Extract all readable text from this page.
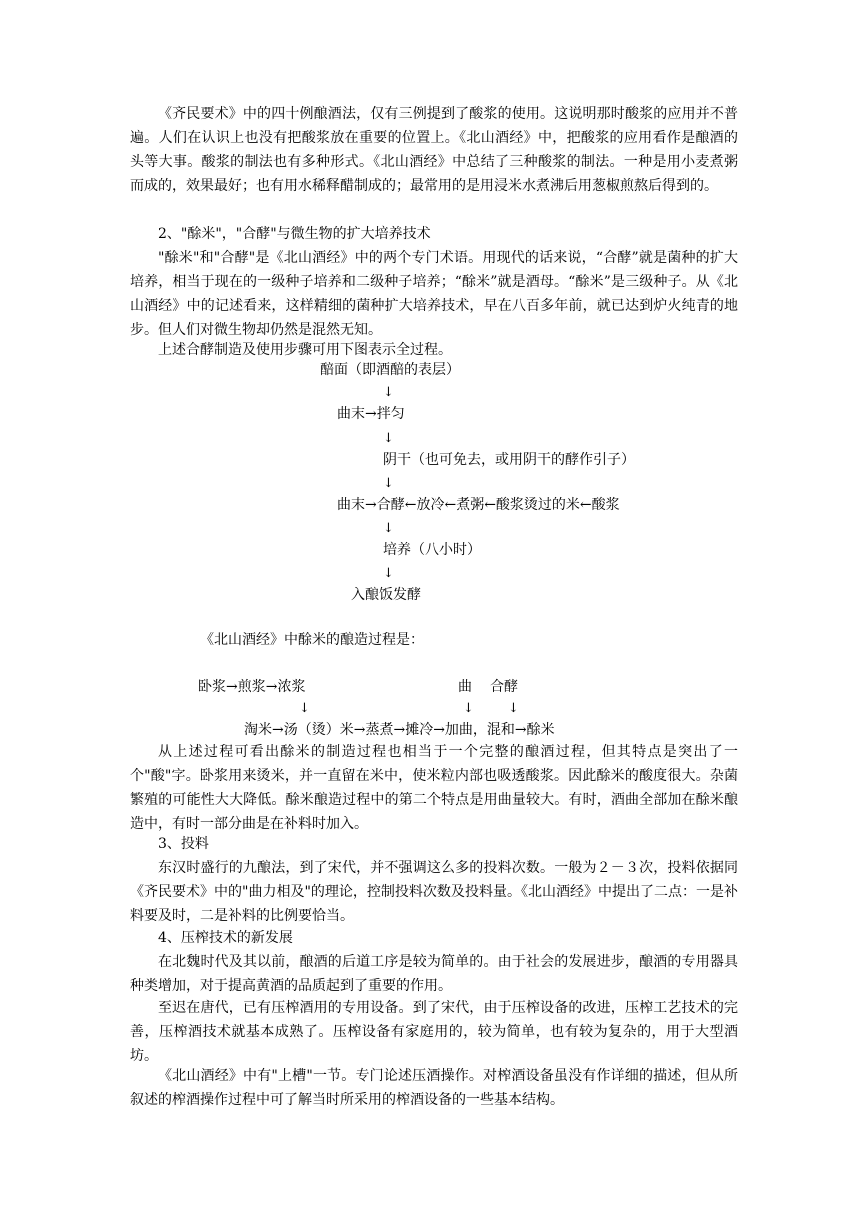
《齐民要术》中的四十例酿酒法，仅有三例提到了酸浆的使用。这说明那时酸浆的应用并不普遍。人们在认识上也没有把酸浆放在重要的位置上。《北山酒经》中，把酸浆的应用看作是酿酒的头等大事。酸浆的制法也有多种形式。《北山酒经》中总结了三种酸浆的制法。一种是用小麦煮粥而成的，效果最好；也有用水稀释醋制成的；最常用的是用浸米水煮沸后用葱椒煎熬后得到的。

2、"酴米"，"合酵"与微生物的扩大培养技术

"酴米"和"合酵"是《北山酒经》中的两个专门术语。用现代的话来说，“合酵”就是菌种的扩大培养，相当于现在的一级种子培养和二级种子培养；“酴米”就是酒母。“酴米”是三级种子。从《北山酒经》中的记述看来，这样精细的菌种扩大培养技术，早在八百多年前，就已达到炉火纯青的地步。但人们对微生物却仍然是混然无知。

上述合酵制造及使用步骤可用下图表示全过程。

醅面（即酒醅的表层）
↓
曲末→拌匀
↓
阴干（也可免去，或用阴干的酵作引子）
↓
曲末→合酵←放冷←煮粥←酸浆烫过的米←酸浆
↓
培养（八小时）
↓
入酿饭发酵
《北山酒经》中酴米的酿造过程是：
卧浆→煎浆→浓浆	曲 合酵
↓	↓	↓
淘米→汤（烫）米→蒸煮→摊冷→加曲，混和→酴米

从上述过程可看出酴米的制造过程也相当于一个完整的酿酒过程，但其特点是突出了一个"酸"字。卧浆用来烫米，并一直留在米中，使米粒内部也吸透酸浆。因此酴米的酸度很大。杂菌繁殖的可能性大大降低。酴米酿造过程中的第二个特点是用曲量较大。有时，酒曲全部加在酴米酿造中，有时一部分曲是在补料时加入。

3、投料

东汉时盛行的九酿法，到了宋代，并不强调这么多的投料次数。一般为２－３次，投料依据同《齐民要术》中的"曲力相及"的理论，控制投料次数及投料量。《北山酒经》中提出了二点：一是补料要及时，二是补料的比例要恰当。

4、压榨技术的新发展

在北魏时代及其以前，酿酒的后道工序是较为简单的。由于社会的发展进步，酿酒的专用器具种类增加，对于提高黄酒的品质起到了重要的作用。

至迟在唐代，已有压榨酒用的专用设备。到了宋代，由于压榨设备的改进，压榨工艺技术的完善，压榨酒技术就基本成熟了。压榨设备有家庭用的，较为简单，也有较为复杂的，用于大型酒坊。

《北山酒经》中有"上槽"一节。专门论述压酒操作。对榨酒设备虽没有作详细的描述，但从所叙述的榨酒操作过程中可了解当时所采用的榨酒设备的一些基本结构。
